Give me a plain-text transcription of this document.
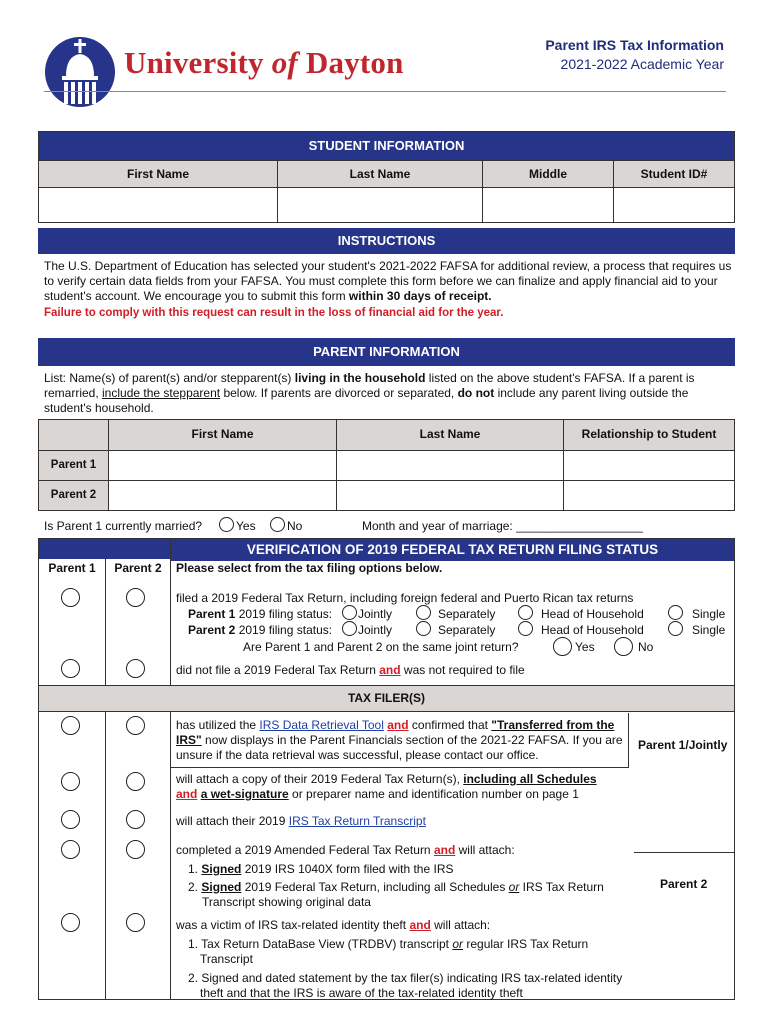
University of Dayton	Parent IRS Tax Information
2021-2022 Academic Year
STUDENT INFORMATION
First Name	Last Name	Middle	Student ID#
INSTRUCTIONS

The U.S. Department of Education has selected your student's 2021-2022 FAFSA for additional review, a process that requires us to verify certain data fields from your FAFSA. You must complete this form before we can finalize and apply financial aid to your student's account. We encourage you to submit this form within 30 days of receipt.

Failure to comply with this request can result in the loss of financial aid for the year.

PARENT INFORMATION

List: Name(s) of parent(s) and/or stepparent(s) living in the household listed on the above student's FAFSA. If a parent is remarried, include the stepparent below. If parents are divorced or separated, do not include any parent living outside the student's household.

First Name	Last Name	Relationship to Student
Parent 1
Parent 2
Is Parent 1 currently married?	Yes	No	Month and year of marriage: ___________________
VERIFICATION OF 2019 FEDERAL TAX RETURN FILING STATUS
Parent 1	Parent 2	Please select from the tax filing options below.
filed a 2019 Federal Tax Return, including foreign federal and Puerto Rican tax returns
Parent 1 2019 filing status: Jointly	Separately	Head of Household	Single
Parent 2 2019 filing status: Jointly	Separately	Head of Household	Single
Are Parent 1 and Parent 2 on the same joint return?	Yes	No
did not file a 2019 Federal Tax Return and was not required to file
TAX FILER(S)

has utilized the IRS Data Retrieval Tool and confirmed that "Transferred from the IRS" now displays in the Parent Financials section of the 2021-22 FAFSA. If you are unsure if the data retrieval was successful, please contact our office.

Parent 1/Jointly

will attach a copy of their 2019 Federal Tax Return(s), including all Schedules
and a wet-signature or preparer name and identification number on page 1

will attach their 2019 IRS Tax Return Transcript

completed a 2019 Amended Federal Tax Return and will attach:

1. Signed 2019 IRS 1040X form filed with the IRS

2. Signed 2019 Federal Tax Return, including all Schedules or IRS Tax Return Transcript showing original data

Parent 2

was a victim of IRS tax-related identity theft and will attach:

1. Tax Return DataBase View (TRDBV) transcript or regular IRS Tax Return Transcript

2. Signed and dated statement by the tax filer(s) indicating IRS tax-related identity theft and that the IRS is aware of the tax-related identity theft
